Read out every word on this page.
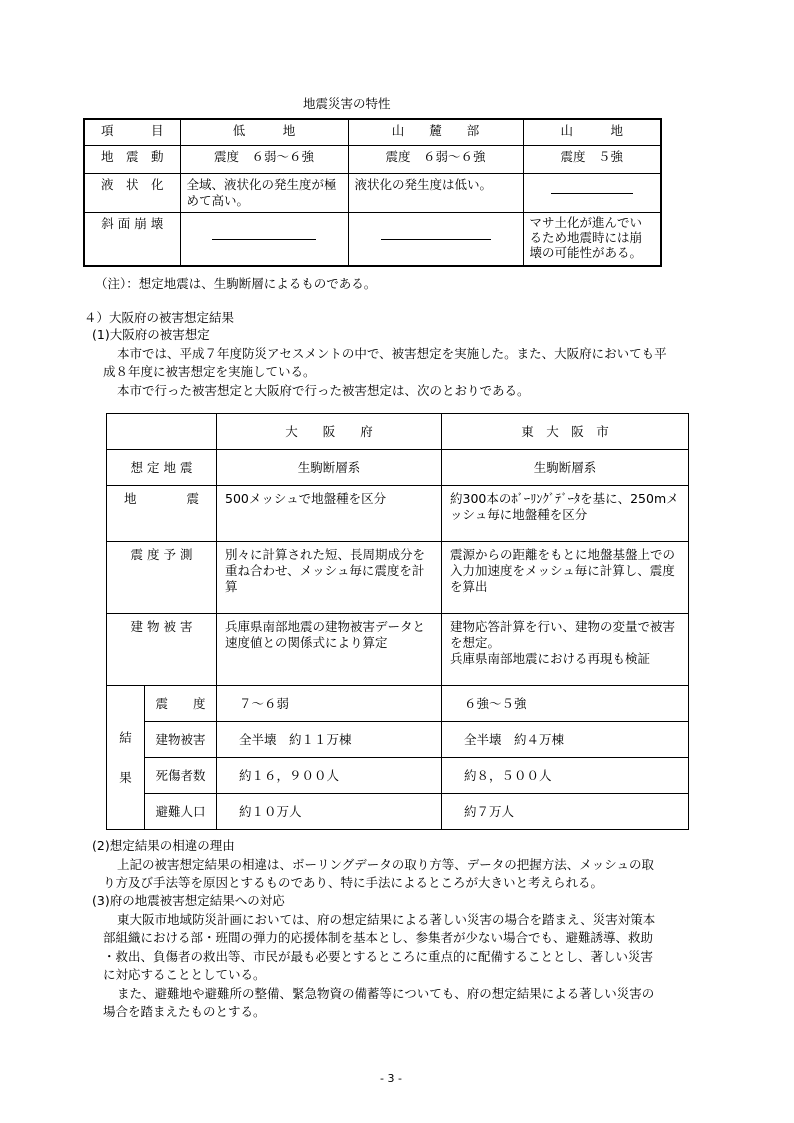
地震災害の特性
項　　　目	低　　　地	山　　麓　　部	山　　　地
地　震　動	震度　６弱～６強	震度　６弱～６強	震度　５強
液　状　化	全域、液状化の発生度が極めて高い。	液状化の発生度は低い。	
斜 面 崩 壊			マサ土化が進んでいるため地震時には崩壊の可能性がある。
（注）：想定地震は、生駒断層によるものである。
４）大阪府の被害想定結果
(1)大阪府の被害想定
本市では、平成７年度防災アセスメントの中で、被害想定を実施した。また、大阪府においても平
成８年度に被害想定を実施している。
本市で行った被害想定と大阪府で行った被害想定は、次のとおりである。
		大　　阪　　府	東　大　阪　市
想 定 地 震		生駒断層系	生駒断層系
地　　　　震		500メッシュで地盤種を区分	約300本のﾎﾞｰﾘﾝｸﾞﾃﾞｰﾀを基に、250mメッシュ毎に地盤種を区分
震 度 予 測		別々に計算された短、長周期成分を重ね合わせ、メッシュ毎に震度を計算	震源からの距離をもとに地盤基盤上での入力加速度をメッシュ毎に計算し、震度を算出
建 物 被 害		兵庫県南部地震の建物被害データと速度値との関係式により算定	建物応答計算を行い、建物の変量で被害を想定。
兵庫県南部地震における再現も検証

結
果	震　　度	７～６弱	６強～５強
	建物被害	全半壊　約１１万棟	全半壊　約４万棟
	死傷者数	約１６，９００人	約８，５００人
	避難人口	約１０万人	約７万人
(2)想定結果の相違の理由
上記の被害想定結果の相違は、ボーリングデータの取り方等、データの把握方法、メッシュの取
り方及び手法等を原因とするものであり、特に手法によるところが大きいと考えられる。
(3)府の地震被害想定結果への対応
東大阪市地域防災計画においては、府の想定結果による著しい災害の場合を踏まえ、災害対策本
部組織における部・班間の弾力的応援体制を基本とし、参集者が少ない場合でも、避難誘導、救助
・救出、負傷者の救出等、市民が最も必要とするところに重点的に配備することとし、著しい災害
に対応することとしている。
また、避難地や避難所の整備、緊急物資の備蓄等についても、府の想定結果による著しい災害の
場合を踏まえたものとする。
- 3 -
